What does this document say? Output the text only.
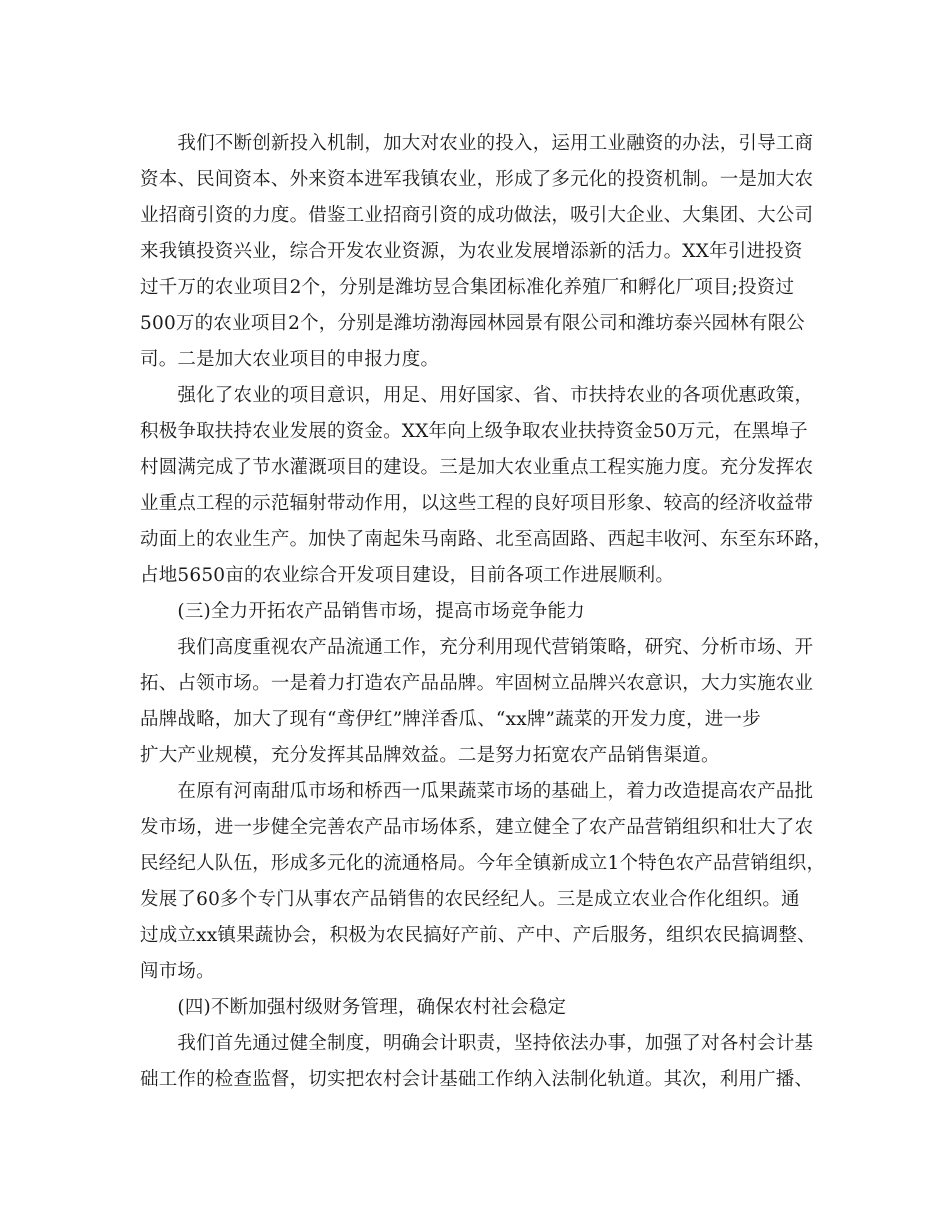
　　我们不断创新投入机制，加大对农业的投入，运用工业融资的办法，引导工商
资本、民间资本、外来资本进军我镇农业，形成了多元化的投资机制。一是加大农
业招商引资的力度。借鉴工业招商引资的成功做法，吸引大企业、大集团、大公司
来我镇投资兴业，综合开发农业资源，为农业发展增添新的活力。XX年引进投资
过千万的农业项目2个，分别是潍坊昱合集团标准化养殖厂和孵化厂项目;投资过
500万的农业项目2个，分别是潍坊渤海园林园景有限公司和潍坊泰兴园林有限公
司。二是加大农业项目的申报力度。
　　强化了农业的项目意识，用足、用好国家、省、市扶持农业的各项优惠政策，
积极争取扶持农业发展的资金。XX年向上级争取农业扶持资金50万元，在黑埠子
村圆满完成了节水灌溉项目的建设。三是加大农业重点工程实施力度。充分发挥农
业重点工程的示范辐射带动作用，以这些工程的良好项目形象、较高的经济收益带
动面上的农业生产。加快了南起朱马南路、北至高固路、西起丰收河、东至东环路，
占地5650亩的农业综合开发项目建设，目前各项工作进展顺利。
　　(三)全力开拓农产品销售市场，提高市场竞争能力
　　我们高度重视农产品流通工作，充分利用现代营销策略，研究、分析市场、开
拓、占领市场。一是着力打造农产品品牌。牢固树立品牌兴农意识，大力实施农业
品牌战略，加大了现有“鸢伊红”牌洋香瓜、“xx牌”蔬菜的开发力度，进一步
扩大产业规模，充分发挥其品牌效益。二是努力拓宽农产品销售渠道。
　　在原有河南甜瓜市场和桥西一瓜果蔬菜市场的基础上，着力改造提高农产品批
发市场，进一步健全完善农产品市场体系，建立健全了农产品营销组织和壮大了农
民经纪人队伍，形成多元化的流通格局。今年全镇新成立1个特色农产品营销组织，
发展了60多个专门从事农产品销售的农民经纪人。三是成立农业合作化组织。通
过成立xx镇果蔬协会，积极为农民搞好产前、产中、产后服务，组织农民搞调整、
闯市场。
　　(四)不断加强村级财务管理，确保农村社会稳定
　　我们首先通过健全制度，明确会计职责，坚持依法办事，加强了对各村会计基
础工作的检查监督，切实把农村会计基础工作纳入法制化轨道。其次，利用广播、
